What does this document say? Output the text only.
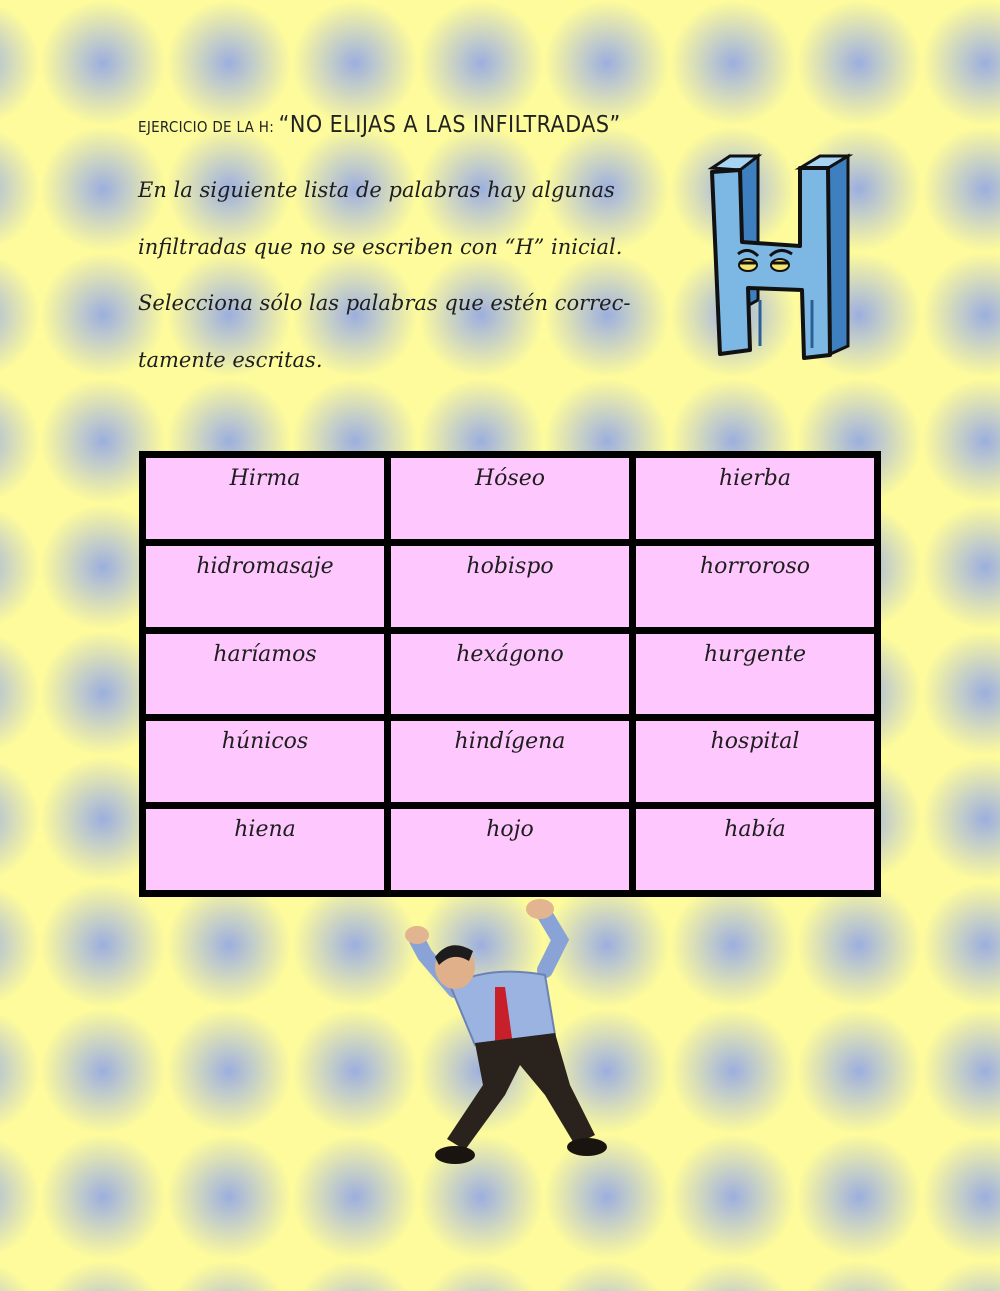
EJERCICIO DE LA H: “NO ELIJAS A LAS INFILTRADAS”
En la siguiente lista de palabras hay algunas
infiltradas que no se escriben con “H” inicial.
Selecciona sólo las palabras que estén correc-
tamente escritas.
Hirma	Hóseo	hierba
hidromasaje	hobispo	horroroso
haríamos	hexágono	hurgente
húnicos	hindígena	hospital
hiena	hojo	había
